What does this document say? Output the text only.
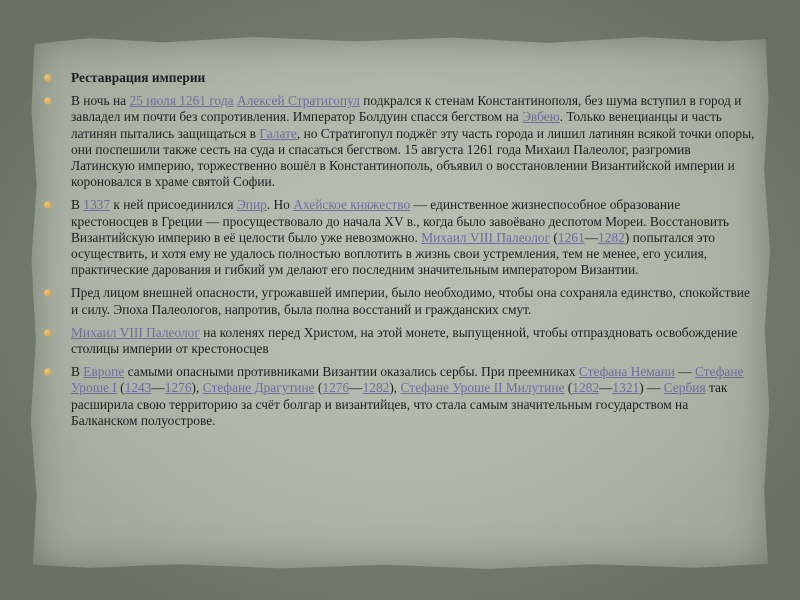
Реставрация империи
В ночь на 25 июля 1261 года Алексей Стратигопул подкрался к стенам Константинополя, без шума вступил в город и завладел им почти без сопротивления. Император Болдуин спасся бегством на Эвбею. Только венецианцы и часть латинян пытались защищаться в Галате, но Стратигопул поджёг эту часть города и лишил латинян всякой точки опоры, они поспешили также сесть на суда и спасаться бегством. 15 августа 1261 года Михаил Палеолог, разгромив Латинскую империю, торжественно вошёл в Константинополь, объявил о восстановлении Византийской империи и короновался в храме святой Софии.
В 1337 к ней присоединился Эпир. Но Ахейское княжество — единственное жизнеспособное образование крестоносцев в Греции — просуществовало до начала XV в., когда было завоёвано деспотом Мореи. Восстановить Византийскую империю в её целости было уже невозможно. Михаил VIII Палеолог (1261—1282) попытался это осуществить, и хотя ему не удалось полностью воплотить в жизнь свои устремления, тем не менее, его усилия, практические дарования и гибкий ум делают его последним значительным императором Византии.
Пред лицом внешней опасности, угрожавшей империи, было необходимо, чтобы она сохраняла единство, спокойствие и силу. Эпоха Палеологов, напротив, была полна восстаний и гражданских смут.
Михаил VIII Палеолог на коленях перед Христом, на этой монете, выпущенной, чтобы отпраздновать освобождение столицы империи от крестоносцев
В Европе самыми опасными противниками Византии оказались сербы. При преемниках Стефана Немани — Стефане Уроше I (1243—1276), Стефане Драгутине (1276—1282), Стефане Уроше II Милутине (1282—1321) — Сербия так расширила свою территорию за счёт болгар и византийцев, что стала самым значительным государством на Балканском полуострове.
